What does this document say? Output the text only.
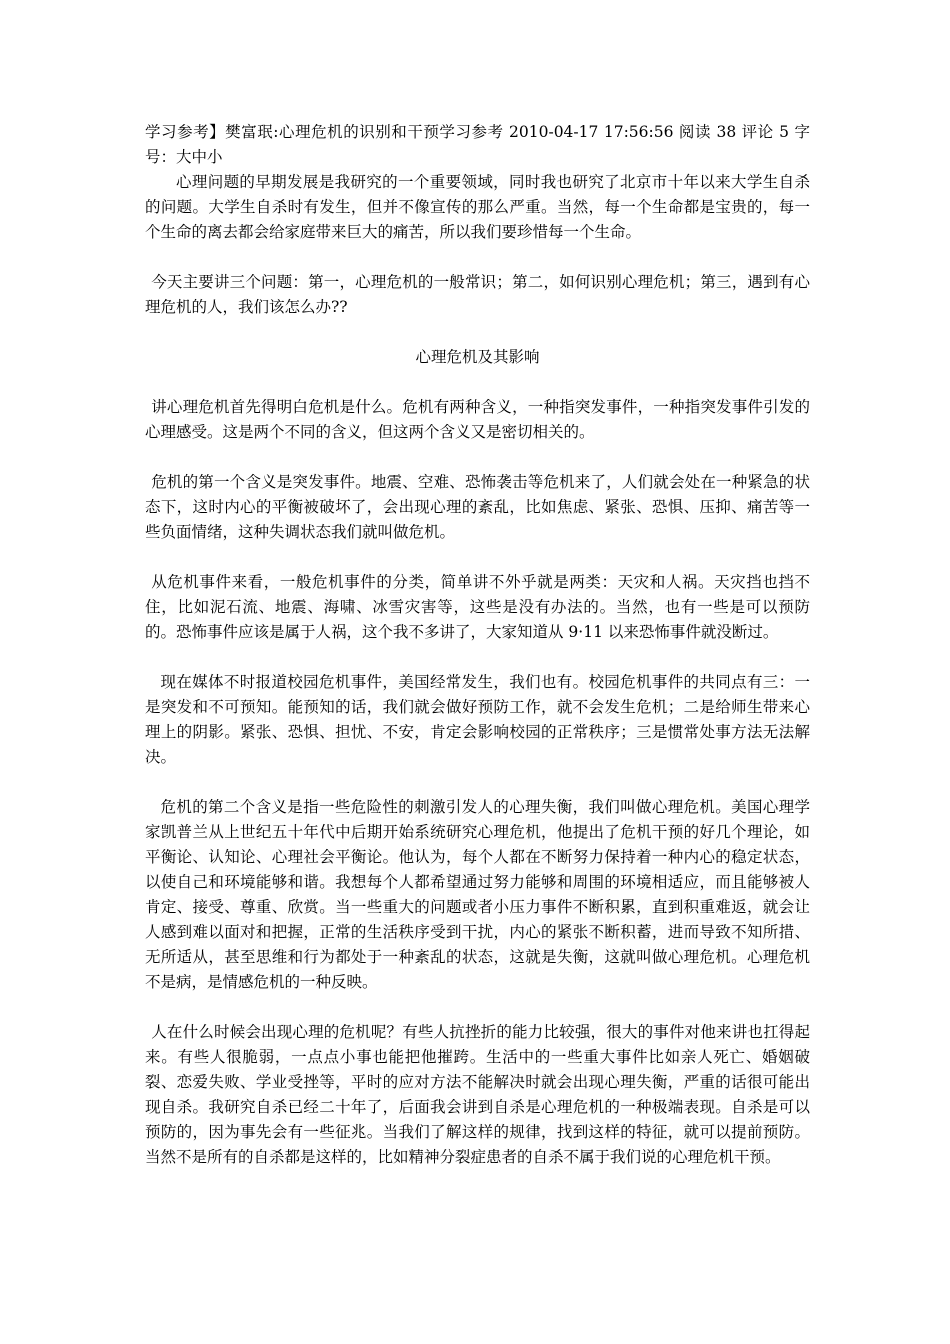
学习参考】樊富珉:心理危机的识别和干预学习参考 2010-04-17 17:56:56 阅读 38 评论 5 字号：大中小

心理问题的早期发展是我研究的一个重要领域，同时我也研究了北京市十年以来大学生自杀的问题。大学生自杀时有发生，但并不像宣传的那么严重。当然，每一个生命都是宝贵的，每一个生命的离去都会给家庭带来巨大的痛苦，所以我们要珍惜每一个生命。

今天主要讲三个问题：第一，心理危机的一般常识；第二，如何识别心理危机；第三，遇到有心理危机的人，我们该怎么办??

心理危机及其影响

讲心理危机首先得明白危机是什么。危机有两种含义，一种指突发事件，一种指突发事件引发的心理感受。这是两个不同的含义，但这两个含义又是密切相关的。

危机的第一个含义是突发事件。地震、空难、恐怖袭击等危机来了，人们就会处在一种紧急的状态下，这时内心的平衡被破坏了，会出现心理的紊乱，比如焦虑、紧张、恐惧、压抑、痛苦等一些负面情绪，这种失调状态我们就叫做危机。

从危机事件来看，一般危机事件的分类，简单讲不外乎就是两类：天灾和人祸。天灾挡也挡不住，比如泥石流、地震、海啸、冰雪灾害等，这些是没有办法的。当然，也有一些是可以预防的。恐怖事件应该是属于人祸，这个我不多讲了，大家知道从 9·11 以来恐怖事件就没断过。

现在媒体不时报道校园危机事件，美国经常发生，我们也有。校园危机事件的共同点有三：一是突发和不可预知。能预知的话，我们就会做好预防工作，就不会发生危机；二是给师生带来心理上的阴影。紧张、恐惧、担忧、不安，肯定会影响校园的正常秩序；三是惯常处事方法无法解决。

危机的第二个含义是指一些危险性的刺激引发人的心理失衡，我们叫做心理危机。美国心理学家凯普兰从上世纪五十年代中后期开始系统研究心理危机，他提出了危机干预的好几个理论，如平衡论、认知论、心理社会平衡论。他认为，每个人都在不断努力保持着一种内心的稳定状态，以使自己和环境能够和谐。我想每个人都希望通过努力能够和周围的环境相适应，而且能够被人肯定、接受、尊重、欣赏。当一些重大的问题或者小压力事件不断积累，直到积重难返，就会让人感到难以面对和把握，正常的生活秩序受到干扰，内心的紧张不断积蓄，进而导致不知所措、无所适从，甚至思维和行为都处于一种紊乱的状态，这就是失衡，这就叫做心理危机。心理危机不是病，是情感危机的一种反映。

人在什么时候会出现心理的危机呢？有些人抗挫折的能力比较强，很大的事件对他来讲也扛得起来。有些人很脆弱，一点点小事也能把他摧跨。生活中的一些重大事件比如亲人死亡、婚姻破裂、恋爱失败、学业受挫等，平时的应对方法不能解决时就会出现心理失衡，严重的话很可能出现自杀。我研究自杀已经二十年了，后面我会讲到自杀是心理危机的一种极端表现。自杀是可以预防的，因为事先会有一些征兆。当我们了解这样的规律，找到这样的特征，就可以提前预防。当然不是所有的自杀都是这样的，比如精神分裂症患者的自杀不属于我们说的心理危机干预。
